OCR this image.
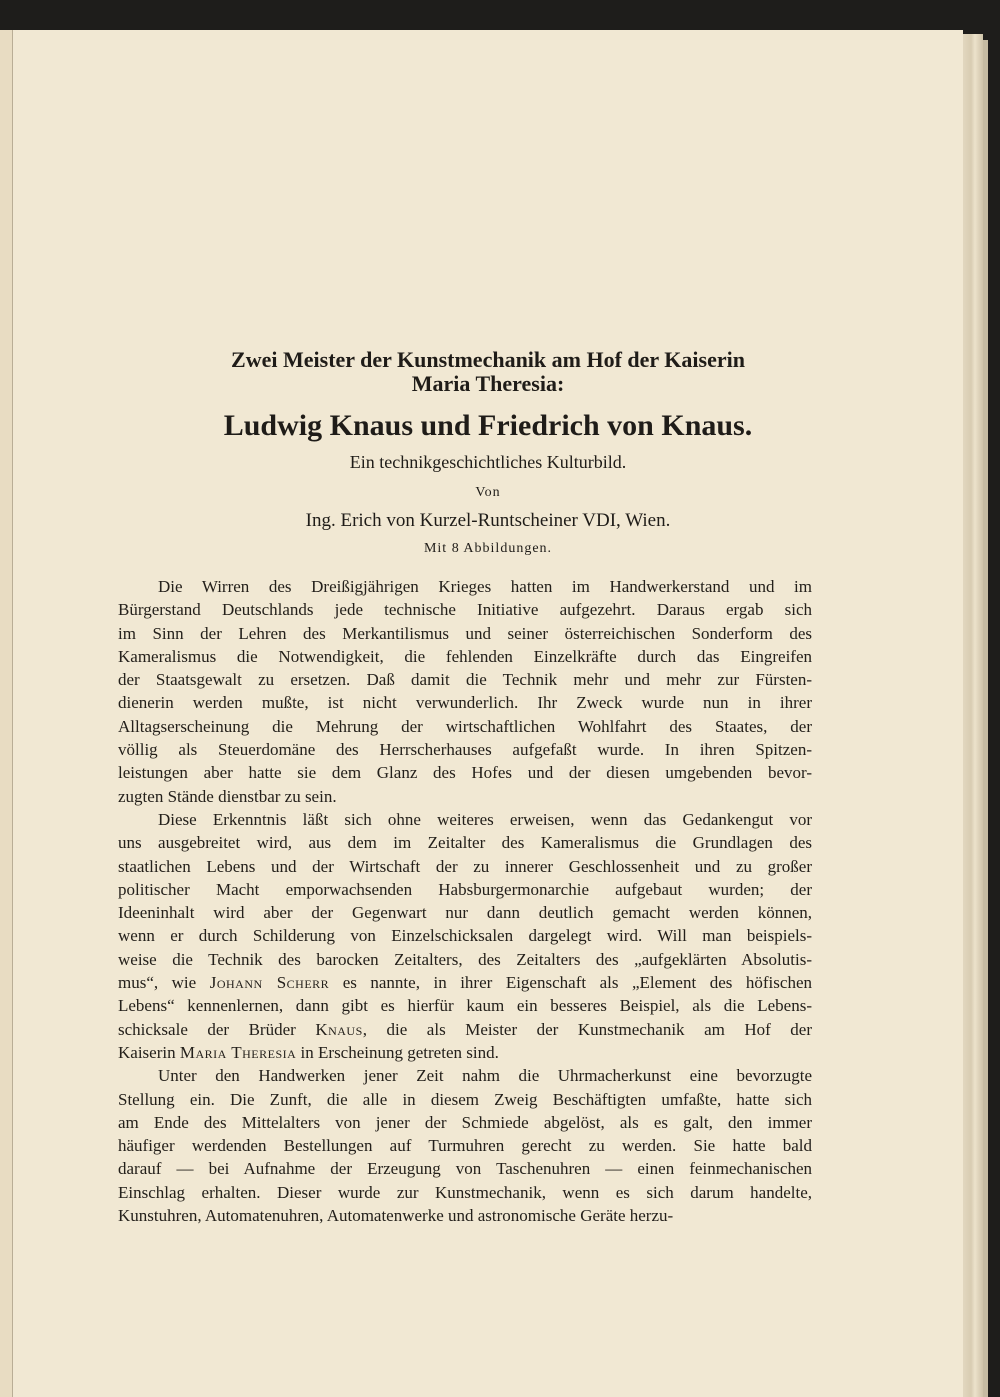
Zwei Meister der Kunstmechanik am Hof der Kaiserin
Maria Theresia:
Ludwig Knaus und Friedrich von Knaus.
Ein technikgeschichtliches Kulturbild.
Von
Ing. Erich von Kurzel-Runtscheiner VDI, Wien.
Mit 8 Abbildungen.
Die Wirren des Dreißigjährigen Krieges hatten im Handwerkerstand und im
Bürgerstand Deutschlands jede technische Initiative aufgezehrt. Daraus ergab sich
im Sinn der Lehren des Merkantilismus und seiner österreichischen Sonderform des
Kameralismus die Notwendigkeit, die fehlenden Einzelkräfte durch das Eingreifen
der Staatsgewalt zu ersetzen. Daß damit die Technik mehr und mehr zur Fürsten-
dienerin werden mußte, ist nicht verwunderlich. Ihr Zweck wurde nun in ihrer
Alltagserscheinung die Mehrung der wirtschaftlichen Wohlfahrt des Staates, der
völlig als Steuerdomäne des Herrscherhauses aufgefaßt wurde. In ihren Spitzen-
leistungen aber hatte sie dem Glanz des Hofes und der diesen umgebenden bevor-
zugten Stände dienstbar zu sein.
Diese Erkenntnis läßt sich ohne weiteres erweisen, wenn das Gedankengut vor
uns ausgebreitet wird, aus dem im Zeitalter des Kameralismus die Grundlagen des
staatlichen Lebens und der Wirtschaft der zu innerer Geschlossenheit und zu großer
politischer Macht emporwachsenden Habsburgermonarchie aufgebaut wurden; der
Ideeninhalt wird aber der Gegenwart nur dann deutlich gemacht werden können,
wenn er durch Schilderung von Einzelschicksalen dargelegt wird. Will man beispiels-
weise die Technik des barocken Zeitalters, des Zeitalters des „aufgeklärten Absolutis-
mus“, wie Johann Scherr es nannte, in ihrer Eigenschaft als „Element des höfischen
Lebens“ kennenlernen, dann gibt es hierfür kaum ein besseres Beispiel, als die Lebens-
schicksale der Brüder Knaus, die als Meister der Kunstmechanik am Hof der
Kaiserin Maria Theresia in Erscheinung getreten sind.
Unter den Handwerken jener Zeit nahm die Uhrmacherkunst eine bevorzugte
Stellung ein. Die Zunft, die alle in diesem Zweig Beschäftigten umfaßte, hatte sich
am Ende des Mittelalters von jener der Schmiede abgelöst, als es galt, den immer
häufiger werdenden Bestellungen auf Turmuhren gerecht zu werden. Sie hatte bald
darauf — bei Aufnahme der Erzeugung von Taschenuhren — einen feinmechanischen
Einschlag erhalten. Dieser wurde zur Kunstmechanik, wenn es sich darum handelte,
Kunstuhren, Automatenuhren, Automatenwerke und astronomische Geräte herzu-
